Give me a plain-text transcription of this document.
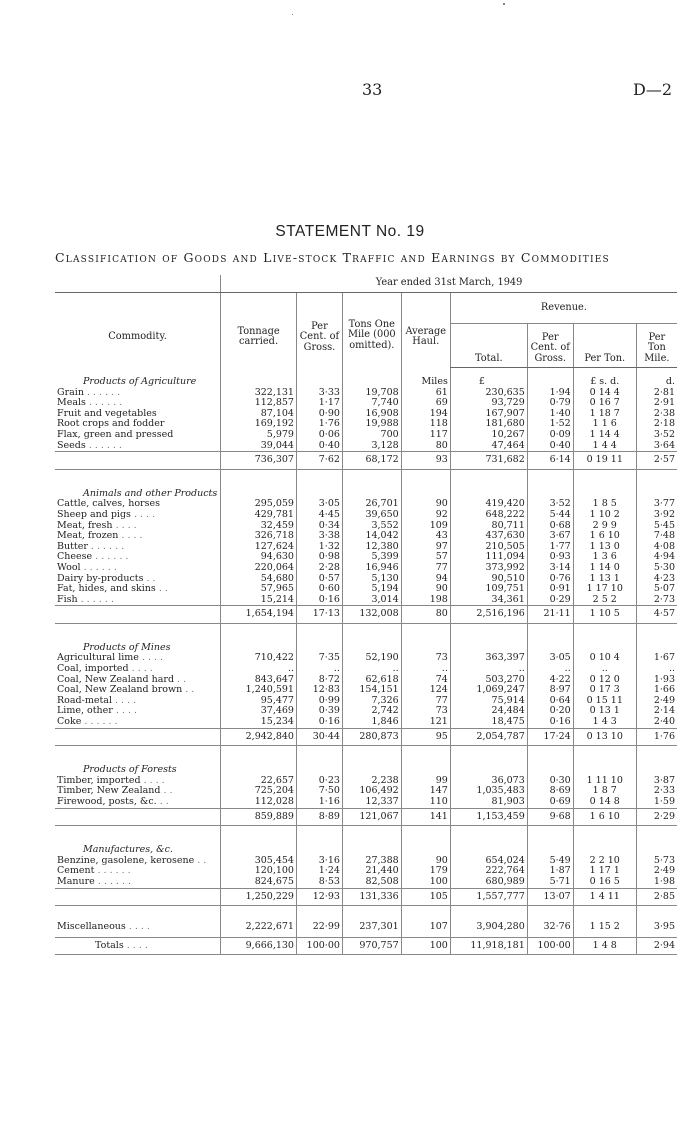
33	D—2
STATEMENT No. 19
Classification of Goods and Live-stock Traffic and Earnings by Commodities
	Year ended 31st March, 1949							
Commodity.	Tonnage carried.	Per Cent. of Gross.	Tons One Mile (000 omitted).	Average Haul.	Revenue.			
					Total.	Per Cent. of Gross.	Per Ton.	Per Ton Mile.
Products of Agriculture				Miles	£		£ s. d.	d.
Grain . . . . . .	322,131	3·33	19,708	61	230,635	1·94	0 14 4	2·81
Meals . . . . . .	112,857	1·17	7,740	69	93,729	0·79	0 16 7	2·91
Fruit and vegetables	87,104	0·90	16,908	194	167,907	1·40	1 18 7	2·38
Root crops and fodder	169,192	1·76	19,988	118	181,680	1·52	1 1 6	2·18
Flax, green and pressed	5,979	0·06	700	117	10,267	0·09	1 14 4	3·52
Seeds . . . . . .	39,044	0·40	3,128	80	47,464	0·40	1 4 4	3·64
	736,307	7·62	68,172	93	731,682	6·14	0 19 11	2·57

Animals and other Products								
Cattle, calves, horses	295,059	3·05	26,701	90	419,420	3·52	1 8 5	3·77
Sheep and pigs . . . .	429,781	4·45	39,650	92	648,222	5·44	1 10 2	3·92
Meat, fresh . . . .	32,459	0·34	3,552	109	80,711	0·68	2 9 9	5·45
Meat, frozen . . . .	326,718	3·38	14,042	43	437,630	3·67	1 6 10	7·48
Butter . . . . . .	127,624	1·32	12,380	97	210,505	1·77	1 13 0	4·08
Cheese . . . . . .	94,630	0·98	5,399	57	111,094	0·93	1 3 6	4·94
Wool . . . . . .	220,064	2·28	16,946	77	373,992	3·14	1 14 0	5·30
Dairy by-products . .	54,680	0·57	5,130	94	90,510	0·76	1 13 1	4·23
Fat, hides, and skins . .	57,965	0·60	5,194	90	109,751	0·91	1 17 10	5·07
Fish . . . . . .	15,214	0·16	3,014	198	34,361	0·29	2 5 2	2·73
	1,654,194	17·13	132,008	80	2,516,196	21·11	1 10 5	4·57

Products of Mines								
Agricultural lime . . . .	710,422	7·35	52,190	73	363,397	3·05	0 10 4	1·67
Coal, imported . . . .	..	..	..	..	..	..	..	..
Coal, New Zealand hard . .	843,647	8·72	62,618	74	503,270	4·22	0 12 0	1·93
Coal, New Zealand brown . .	1,240,591	12·83	154,151	124	1,069,247	8·97	0 17 3	1·66
Road-metal . . . .	95,477	0·99	7,326	77	75,914	0·64	0 15 11	2·49
Lime, other . . . .	37,469	0·39	2,742	73	24,484	0·20	0 13 1	2·14
Coke . . . . . .	15,234	0·16	1,846	121	18,475	0·16	1 4 3	2·40
	2,942,840	30·44	280,873	95	2,054,787	17·24	0 13 10	1·76

Products of Forests								
Timber, imported . . . .	22,657	0·23	2,238	99	36,073	0·30	1 11 10	3·87
Timber, New Zealand . .	725,204	7·50	106,492	147	1,035,483	8·69	1 8 7	2·33
Firewood, posts, &c. . .	112,028	1·16	12,337	110	81,903	0·69	0 14 8	1·59
	859,889	8·89	121,067	141	1,153,459	9·68	1 6 10	2·29

Manufactures, &c.								
Benzine, gasolene, kerosene . .	305,454	3·16	27,388	90	654,024	5·49	2 2 10	5·73
Cement . . . . . .	120,100	1·24	21,440	179	222,764	1·87	1 17 1	2·49
Manure . . . . . .	824,675	8·53	82,508	100	680,989	5·71	0 16 5	1·98
	1,250,229	12·93	131,336	105	1,557,777	13·07	1 4 11	2·85

Miscellaneous . . . .	2,222,671	22·99	237,301	107	3,904,280	32·76	1 15 2	3·95

Totals . . . .	9,666,130	100·00	970,757	100	11,918,181	100·00	1 4 8	2·94
